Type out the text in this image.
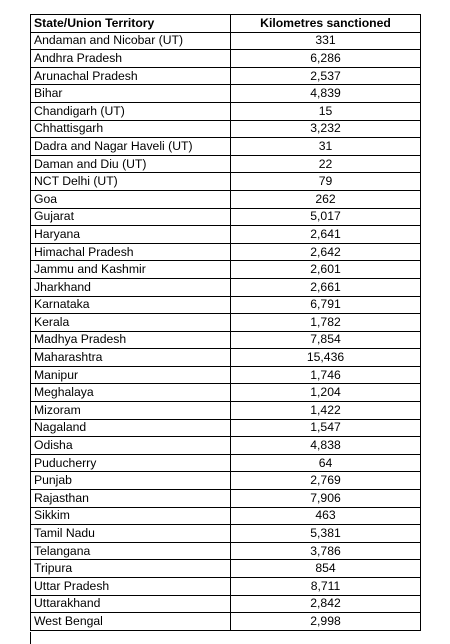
State/Union Territory	Kilometres sanctioned
Andaman and Nicobar (UT)	331
Andhra Pradesh	6,286
Arunachal Pradesh	2,537
Bihar	4,839
Chandigarh (UT)	15
Chhattisgarh	3,232
Dadra and Nagar Haveli (UT)	31
Daman and Diu (UT)	22
NCT Delhi (UT)	79
Goa	262
Gujarat	5,017
Haryana	2,641
Himachal Pradesh	2,642
Jammu and Kashmir	2,601
Jharkhand	2,661
Karnataka	6,791
Kerala	1,782
Madhya Pradesh	7,854
Maharashtra	15,436
Manipur	1,746
Meghalaya	1,204
Mizoram	1,422
Nagaland	1,547
Odisha	4,838
Puducherry	64
Punjab	2,769
Rajasthan	7,906
Sikkim	463
Tamil Nadu	5,381
Telangana	3,786
Tripura	854
Uttar Pradesh	8,711
Uttarakhand	2,842
West Bengal	2,998
